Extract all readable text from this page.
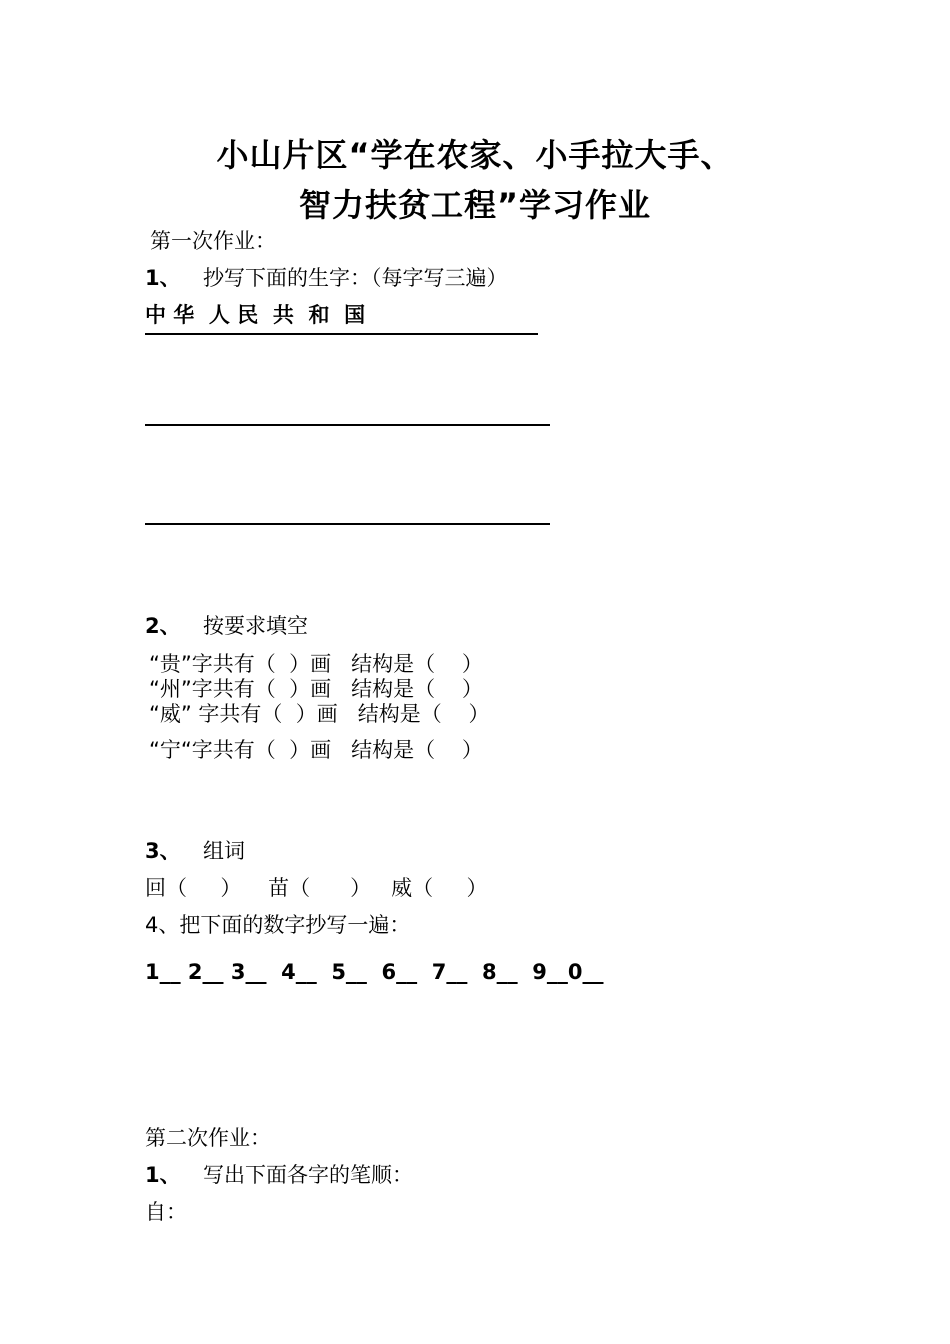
小山片区“学在农家、小手拉大手、
智力扶贫工程”学习作业
第一次作业：
1、 抄写下面的生字：（每字写三遍）
中 华  人 民  共  和  国
2、 按要求填空
“贵”字共有（  ）画   结构是（    ）
“州”字共有（  ）画   结构是（    ）
“威” 字共有（  ）画   结构是（    ）
“宁“字共有（  ）画   结构是（    ）
3、 组词
回（     ）    苗（      ）   威（     ）
4、把下面的数字抄写一遍：
1__ 2__ 3__  4__  5__  6__  7__  8__  9__0__
第二次作业：
1、 写出下面各字的笔顺：
自：
